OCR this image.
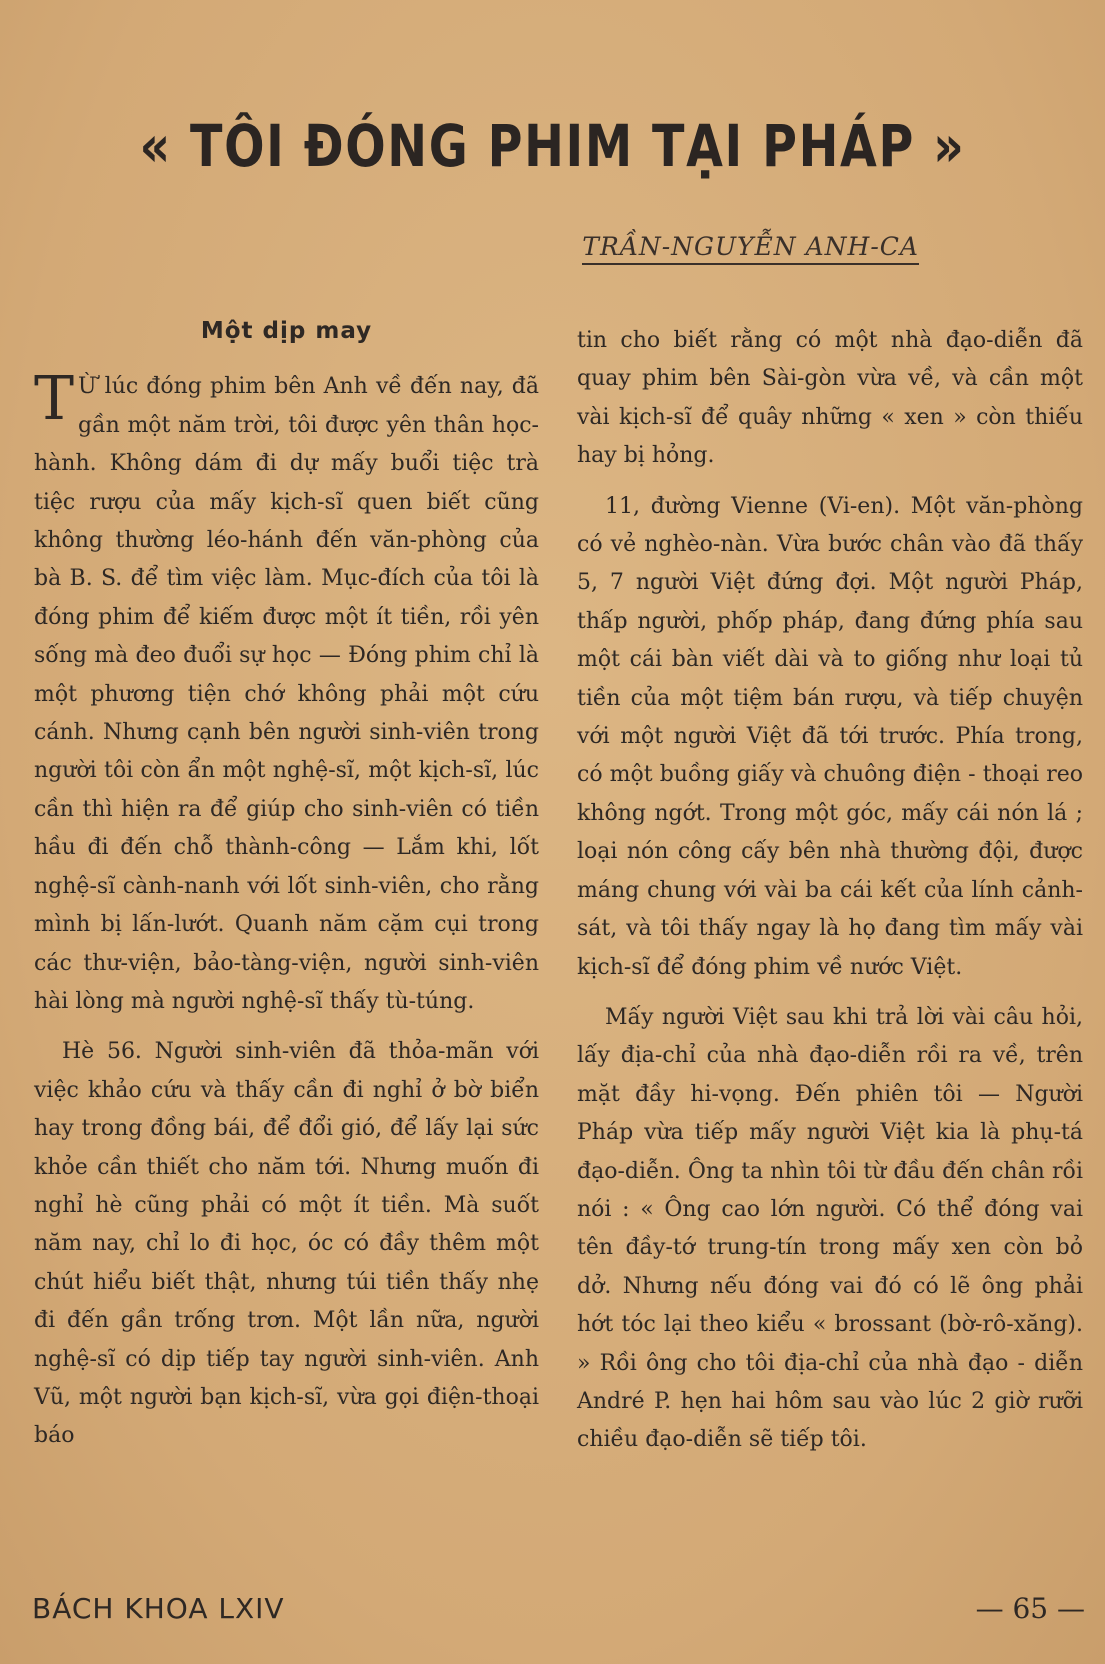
« TÔI ĐÓNG PHIM TẠI PHÁP »
TRẦN-NGUYỄN ANH-CA
Một dịp may

T Ừ lúc đóng phim bên Anh về đến nay, đã gần một năm trời, tôi được yên thân học-hành. Không dám đi dự mấy buổi tiệc trà tiệc rượu của mấy kịch-sĩ quen biết cũng không thường léo-hánh đến văn-phòng của bà B. S. để tìm việc làm. Mục-đích của tôi là đóng phim để kiếm được một ít tiền, rồi yên sống mà đeo đuổi sự học — Đóng phim chỉ là một phương tiện chớ không phải một cứu cánh. Nhưng cạnh bên người sinh-viên trong người tôi còn ẩn một nghệ-sĩ, một kịch-sĩ, lúc cần thì hiện ra để giúp cho sinh-viên có tiền hầu đi đến chỗ thành-công — Lắm khi, lốt nghệ-sĩ cành-nanh với lốt sinh-viên, cho rằng mình bị lấn-lướt. Quanh năm cặm cụi trong các thư-viện, bảo-tàng-viện, người sinh-viên hài lòng mà người nghệ-sĩ thấy tù-túng.

Hè 56. Người sinh-viên đã thỏa-mãn với việc khảo cứu và thấy cần đi nghỉ ở bờ biển hay trong đồng bái, để đổi gió, để lấy lại sức khỏe cần thiết cho năm tới. Nhưng muốn đi nghỉ hè cũng phải có một ít tiền. Mà suốt năm nay, chỉ lo đi học, óc có đầy thêm một chút hiểu biết thật, nhưng túi tiền thấy nhẹ đi đến gần trống trơn. Một lần nữa, người nghệ-sĩ có dịp tiếp tay người sinh-viên. Anh Vũ, một người bạn kịch-sĩ, vừa gọi điện-thoại báo

tin cho biết rằng có một nhà đạo-diễn đã quay phim bên Sài-gòn vừa về, và cần một vài kịch-sĩ để quây những « xen » còn thiếu hay bị hỏng.

11, đường Vienne (Vi-en). Một văn-phòng có vẻ nghèo-nàn. Vừa bước chân vào đã thấy 5, 7 người Việt đứng đợi. Một người Pháp, thấp người, phốp pháp, đang đứng phía sau một cái bàn viết dài và to giống như loại tủ tiền của một tiệm bán rượu, và tiếp chuyện với một người Việt đã tới trước. Phía trong, có một buồng giấy và chuông điện - thoại reo không ngớt. Trong một góc, mấy cái nón lá ; loại nón công cấy bên nhà thường đội, được máng chung với vài ba cái kết của lính cảnh-sát, và tôi thấy ngay là họ đang tìm mấy vài kịch-sĩ để đóng phim về nước Việt.

Mấy người Việt sau khi trả lời vài câu hỏi, lấy địa-chỉ của nhà đạo-diễn rồi ra về, trên mặt đầy hi-vọng. Đến phiên tôi — Người Pháp vừa tiếp mấy người Việt kia là phụ-tá đạo-diễn. Ông ta nhìn tôi từ đầu đến chân rồi nói : « Ông cao lớn người. Có thể đóng vai tên đầy-tớ trung-tín trong mấy xen còn bỏ dở. Nhưng nếu đóng vai đó có lẽ ông phải hớt tóc lại theo kiểu « brossant (bờ-rô-xăng). » Rồi ông cho tôi địa-chỉ của nhà đạo - diễn André P. hẹn hai hôm sau vào lúc 2 giờ rưỡi chiều đạo-diễn sẽ tiếp tôi.

BÁCH KHOA LXIV	— 65 —
